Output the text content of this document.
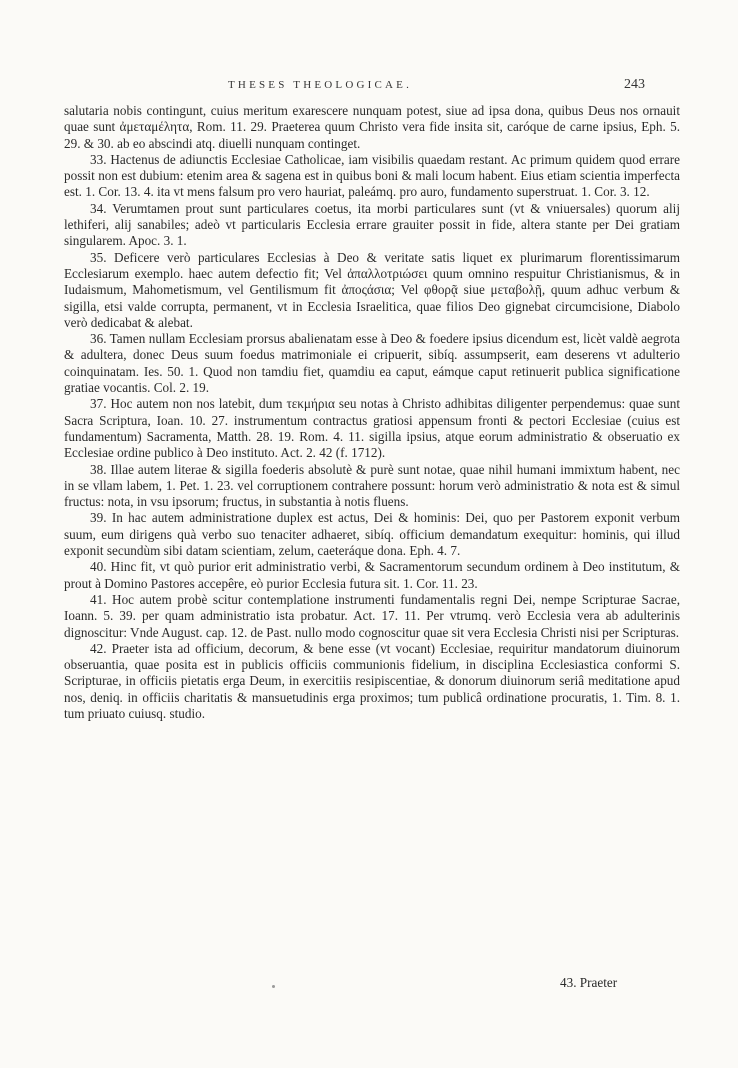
THESES THEOLOGICAE.	243

salutaria nobis contingunt, cuius meritum exarescere nunquam potest, siue ad ipsa dona, quibus Deus nos ornauit quae sunt ἀμεταμέλητα, Rom. 11. 29. Praeterea quum Christo vera fide insita sit, caróque de carne ipsius, Eph. 5. 29. & 30. ab eo abscindi atq. diuelli nunquam continget.

33. Hactenus de adiunctis Ecclesiae Catholicae, iam visibilis quaedam restant. Ac primum quidem quod errare possit non est dubium: etenim area & sagena est in quibus boni & mali locum habent. Eius etiam scientia imperfecta est. 1. Cor. 13. 4. ita vt mens falsum pro vero hauriat, paleámq. pro auro, fundamento superstruat. 1. Cor. 3. 12.

34. Verumtamen prout sunt particulares coetus, ita morbi particulares sunt (vt & vniuersales) quorum alij lethiferi, alij sanabiles; adeò vt particularis Ecclesia errare grauiter possit in fide, altera stante per Dei gratiam singularem. Apoc. 3. 1.

35. Deficere verò particulares Ecclesias à Deo & veritate satis liquet ex plurimarum florentissimarum Ecclesiarum exemplo. haec autem defectio fit; Vel ἀπαλλοτριώσει quum omnino respuitur Christianismus, & in Iudaismum, Mahometismum, vel Gentilismum fit ἀποςάσια; Vel φθορᾷ siue μεταβολῇ, quum adhuc verbum & sigilla, etsi valde corrupta, permanent, vt in Ecclesia Israelitica, quae filios Deo gignebat circumcisione, Diabolo verò dedicabat & alebat.

36. Tamen nullam Ecclesiam prorsus abalienatam esse à Deo & foedere ipsius dicendum est, licèt valdè aegrota & adultera, donec Deus suum foedus matrimoniale ei cripuerit, sibíq. assumpserit, eam deserens vt adulterio coinquinatam. Ies. 50. 1. Quod non tamdiu fiet, quamdiu ea caput, eámque caput retinuerit publica significatione gratiae vocantis. Col. 2. 19.

37. Hoc autem non nos latebit, dum τεκμήρια seu notas à Christo adhibitas diligenter perpendemus: quae sunt Sacra Scriptura, Ioan. 10. 27. instrumentum contractus gratiosi appensum fronti & pectori Ecclesiae (cuius est fundamentum) Sacramenta, Matth. 28. 19. Rom. 4. 11. sigilla ipsius, atque eorum administratio & obseruatio ex Ecclesiae ordine publico à Deo instituto. Act. 2. 42 (f. 1712).

38. Illae autem literae & sigilla foederis absolutè & purè sunt notae, quae nihil humani immixtum habent, nec in se vllam labem, 1. Pet. 1. 23. vel corruptionem contrahere possunt: horum verò administratio & nota est & simul fructus: nota, in vsu ipsorum; fructus, in substantia à notis fluens.

39. In hac autem administratione duplex est actus, Dei & hominis: Dei, quo per Pastorem exponit verbum suum, eum dirigens quà verbo suo tenaciter adhaeret, sibíq. officium demandatum exequitur: hominis, qui illud exponit secundùm sibi datam scientiam, zelum, caeteráque dona. Eph. 4. 7.

40. Hinc fit, vt quò purior erit administratio verbi, & Sacramentorum secundum ordinem à Deo institutum, & prout à Domino Pastores accepêre, eò purior Ecclesia futura sit. 1. Cor. 11. 23.

41. Hoc autem probè scitur contemplatione instrumenti fundamentalis regni Dei, nempe Scripturae Sacrae, Ioann. 5. 39. per quam administratio ista probatur. Act. 17. 11. Per vtrumq. verò Ecclesia vera ab adulterinis dignoscitur: Vnde August. cap. 12. de Past. nullo modo cognoscitur quae sit vera Ecclesia Christi nisi per Scripturas.

42. Praeter ista ad officium, decorum, & bene esse (vt vocant) Ecclesiae, requiritur mandatorum diuinorum obseruantia, quae posita est in publicis officiis communionis fidelium, in disciplina Ecclesiastica conformi S. Scripturae, in officiis pietatis erga Deum, in exercitiis resipiscentiae, & donorum diuinorum seriâ meditatione apud nos, deniq. in officiis charitatis & mansuetudinis erga proximos; tum publicâ ordinatione procuratis, 1. Tim. 8. 1. tum priuato cuiusq. studio.

43. Praeter
